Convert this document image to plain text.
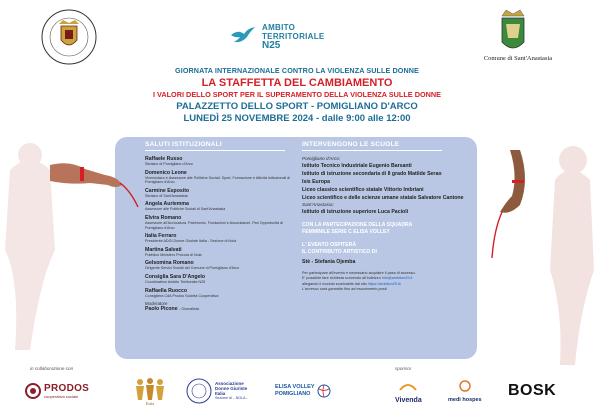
AMBITO
TERRITORIALE
N25
Comune di Sant'Anastasia
GIORNATA INTERNAZIONALE CONTRO LA VIOLENZA SULLE DONNE
LA STAFFETTA DEL CAMBIAMENTO
I VALORI DELLO SPORT PER IL SUPERAMENTO DELLA VIOLENZA SULLE DONNE
PALAZZETTO DELLO SPORT - POMIGLIANO D'ARCO
LUNEDÌ 25 NOVEMBRE 2024 - dalle 9:00 alle 12:00
SALUTI ISTITUZIONALI
Raffaele Russo
Sindaco di Pomigliano d'Arco
Domenico Leone
Vicesindaco e Assessore alle Politiche Sociali, Sport, Formazione e Attività Istituzionali di Pomigliano d'Arco
Carmine Esposito
Sindaco di Sant'Anastasia
Angela Auriemma
Assessore alle Politiche Sociali di Sant'Anastasia
Elvira Romano
Assessore all'Avvocatura, Patrimonio, Fondazioni e Associazioni, Pari Opportunità di Pomigliano d'Arco
Italia Ferraro
Presidente ADGI Donne Giuriste Italia - Sezione di Nola
Martina Salvati
Pubblico Ministero Procura di Nola
Gelsomina Romano
Dirigente Servizi Sociali del Comune di Pomigliano d'Arco
Consiglia Sara D'Angelo
Coordinatrice Ambito Territoriale N25
Raffaella Ruocco
Consigliera CdA Prodos Società Cooperativa
Moderatore
Paolo Picone - Giornalista
INTERVENGONO LE SCUOLE
Pomigliano d'Arco:
Istituto Tecnico Industriale Eugenio Barsanti
Istituto di istruzione secondaria di II grado Matilde Serao
Isis Europa
Liceo classico scientifico statale Vittorio Imbriani
Liceo scientifico e delle scienze umane statale Salvatore Cantone
Sant'Anastasia:
Istituto di istruzione superiore Luca Pacioli
CON LA PARTECIPAZIONE DELLA SQUADRA
FEMMINILE SERIE C ELISA VOLLEY
L' EVENTO OSPITERÀ
IL CONTRIBUTO ARTISTICO DI
Stè - Stefania Ojemba
Per partecipare all'evento è necessario acquisire il pass di accesso.
E' possibile fare richiesta scrivendo all'indirizzo info@ambiton25.it
allegando il modulo scaricabile dal sito https://ambiton25.it/
L'accesso sarà garantito fino ad esaurimento posti.
in collaborazione con	sponsor
PRODOS
cooperativa sociale
Estìa
Associazione
Donne Giuriste
Italia
Sezione di ...NOLA...
ELISA VOLLEY
POMIGLIANO
Vivenda	medi hospes
BOSK
